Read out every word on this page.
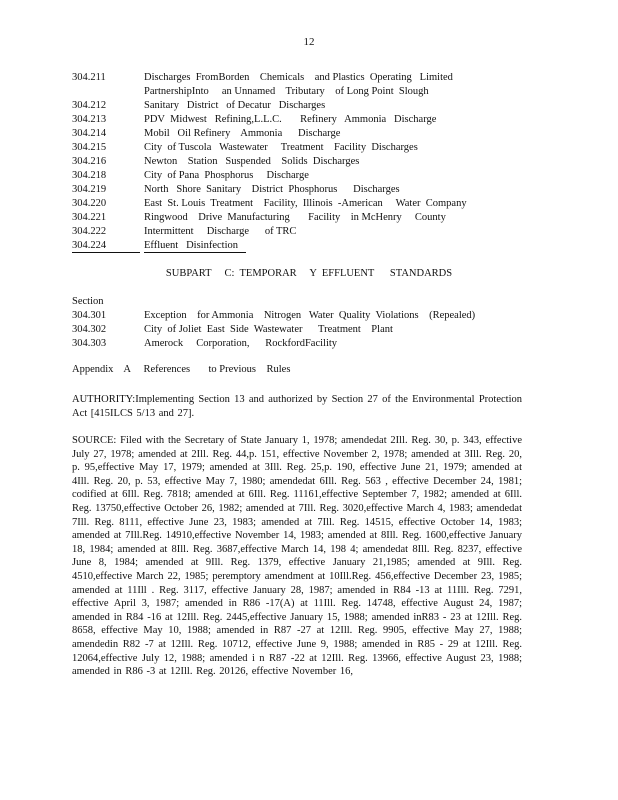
12
304.211	Discharges  FromBorden    Chemicals    and Plastics  Operating   Limited
PartnershipInto     an Unnamed    Tributary    of Long Point  Slough
304.212	Sanitary   District   of Decatur   Discharges
304.213	PDV  Midwest   Refining,L.L.C.       Refinery   Ammonia   Discharge
304.214	Mobil   Oil Refinery    Ammonia      Discharge
304.215	City  of Tuscola   Wastewater     Treatment    Facility  Discharges
304.216	Newton    Station   Suspended    Solids  Discharges
304.218	City  of Pana  Phosphorus     Discharge
304.219	North   Shore  Sanitary    District  Phosphorus      Discharges
304.220	East  St. Louis  Treatment    Facility,  Illinois  -American     Water  Company
304.221	Ringwood    Drive  Manufacturing       Facility    in McHenry     County
304.222	Intermittent     Discharge      of TRC
304.224	Effluent   Disinfection
SUBPART     C:  TEMPORAR     Y  EFFLUENT      STANDARDS
Section
304.301	Exception    for Ammonia    Nitrogen   Water  Quality  Violations    (Repealed)
304.302	City  of Joliet  East  Side  Wastewater      Treatment    Plant
304.303	Amerock     Corporation,      RockfordFacility
Appendix    A     References       to Previous    Rules
AUTHORITY:Implementing Section 13 and authorized by Section 27 of the Environmental Protection Act [415ILCS 5/13 and 27].
SOURCE: Filed with the Secretary of State January 1, 1978; amendedat 2Ill. Reg. 30, p. 343, effective July 27, 1978; amended at 2Ill. Reg. 44,p. 151, effective November 2, 1978; amended at 3Ill. Reg. 20, p. 95,effective May 17, 1979; amended at 3Ill. Reg. 25,p. 190, effective June 21, 1979; amended at 4Ill. Reg. 20, p. 53, effective May 7, 1980; amendedat 6Ill. Reg. 563 , effective December 24, 1981; codified at 6Ill. Reg. 7818; amended at 6Ill. Reg. 11161,effective September 7, 1982; amended at 6Ill. Reg. 13750,effective October 26, 1982; amended at 7Ill. Reg. 3020,effective March 4, 1983; amendedat 7Ill. Reg. 8111, effective June 23, 1983; amended at 7Ill. Reg. 14515, effective October 14, 1983; amended at 7Ill.Reg. 14910,effective November 14, 1983; amended at 8Ill. Reg. 1600,effective January 18, 1984; amended at 8Ill. Reg. 3687,effective March 14, 198 4; amendedat 8Ill. Reg. 8237, effective June 8, 1984; amended at 9Ill. Reg. 1379, effective January 21,1985; amended at 9Ill. Reg. 4510,effective March 22, 1985; peremptory amendment at 10Ill.Reg. 456,effective December 23, 1985; amended at 11Ill . Reg. 3117, effective January 28, 1987; amended in R84 -13 at 11Ill. Reg. 7291, effective April 3, 1987; amended in R86 -17(A) at 11Ill. Reg. 14748, effective August 24, 1987; amended in R84 -16 at 12Ill. Reg. 2445,effective January 15, 1988; amended inR83 - 23 at 12Ill. Reg. 8658, effective May 10, 1988; amended in R87 -27 at 12Ill. Reg. 9905, effective May 27, 1988; amendedin R82 -7 at 12Ill. Reg. 10712, effective June 9, 1988; amended in R85 - 29 at 12Ill. Reg. 12064,effective July 12, 1988; amended i n R87 -22 at 12Ill. Reg. 13966, effective August 23, 1988; amended in R86 -3 at 12Ill. Reg. 20126, effective November 16,
